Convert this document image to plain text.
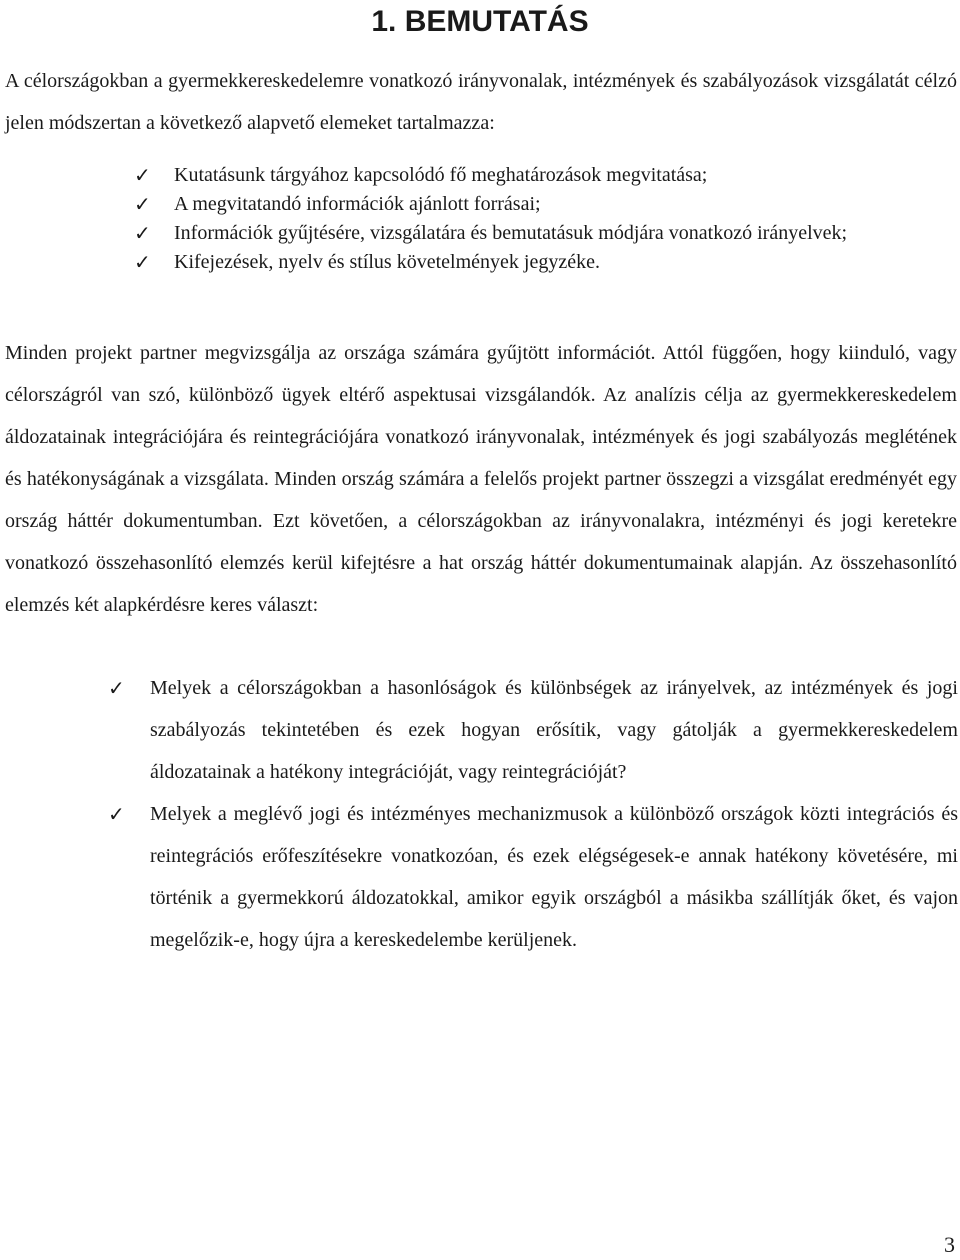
1. BEMUTATÁS

A célországokban a gyermekkereskedelemre vonatkozó irányvonalak, intézmények és szabályozások vizsgálatát célzó jelen módszertan a következő alapvető elemeket tartalmazza:

✓ Kutatásunk tárgyához kapcsolódó fő meghatározások megvitatása;
✓ A megvitatandó információk ajánlott forrásai;
✓ Információk gyűjtésére, vizsgálatára és bemutatásuk módjára vonatkozó irányelvek;
✓ Kifejezések, nyelv és stílus követelmények jegyzéke.

Minden projekt partner megvizsgálja az országa számára gyűjtött információt. Attól függően, hogy kiinduló, vagy célországról van szó, különböző ügyek eltérő aspektusai vizsgálandók. Az analízis célja az gyermekkereskedelem áldozatainak integrációjára és reintegrációjára vonatkozó irányvonalak, intézmények és jogi szabályozás meglétének és hatékonyságának a vizsgálata. Minden ország számára a felelős projekt partner összegzi a vizsgálat eredményét egy ország háttér dokumentumban. Ezt követően, a célországokban az irányvonalakra, intézményi és jogi keretekre vonatkozó összehasonlító elemzés kerül kifejtésre a hat ország háttér dokumentumainak alapján. Az összehasonlító elemzés két alapkérdésre keres választ:

✓ Melyek a célországokban a hasonlóságok és különbségek az irányelvek, az intézmények és jogi szabályozás tekintetében és ezek hogyan erősítik, vagy gátolják a gyermekkereskedelem áldozatainak a hatékony integrációját, vagy reintegrációját?
✓ Melyek a meglévő jogi és intézményes mechanizmusok a különböző országok közti integrációs és reintegrációs erőfeszítésekre vonatkozóan, és ezek elégségesek-e annak hatékony követésére, mi történik a gyermekkorú áldozatokkal, amikor egyik országból a másikba szállítják őket, és vajon megelőzik-e, hogy újra a kereskedelembe kerüljenek.
3
